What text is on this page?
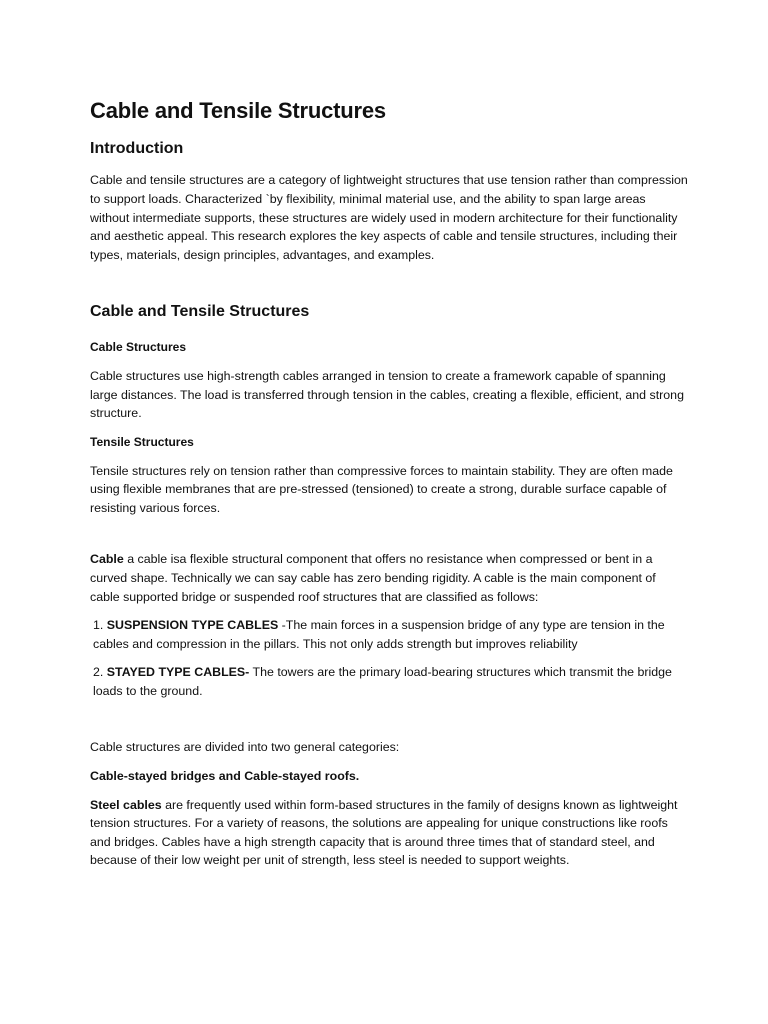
Cable and Tensile Structures
Introduction

Cable and tensile structures are a category of lightweight structures that use tension rather than compression to support loads. Characterized `by flexibility, minimal material use, and the ability to span large areas without intermediate supports, these structures are widely used in modern architecture for their functionality and aesthetic appeal. This research explores the key aspects of cable and tensile structures, including their types, materials, design principles, advantages, and examples.

Cable and Tensile Structures
Cable Structures

Cable structures use high-strength cables arranged in tension to create a framework capable of spanning large distances. The load is transferred through tension in the cables, creating a flexible, efficient, and strong structure.

Tensile Structures

Tensile structures rely on tension rather than compressive forces to maintain stability. They are often made using flexible membranes that are pre-stressed (tensioned) to create a strong, durable surface capable of resisting various forces.

Cable a cable isa flexible structural component that offers no resistance when compressed or bent in a curved shape. Technically we can say cable has zero bending rigidity. A cable is the main component of cable supported bridge or suspended roof structures that are classified as follows:

1. SUSPENSION TYPE CABLES -The main forces in a suspension bridge of any type are tension in the cables and compression in the pillars. This not only adds strength but improves reliability

2. STAYED TYPE CABLES- The towers are the primary load-bearing structures which transmit the bridge loads to the ground.

Cable structures are divided into two general categories:

Cable-stayed bridges and Cable-stayed roofs.

Steel cables are frequently used within form-based structures in the family of designs known as lightweight tension structures. For a variety of reasons, the solutions are appealing for unique constructions like roofs and bridges. Cables have a high strength capacity that is around three times that of standard steel, and because of their low weight per unit of strength, less steel is needed to support weights.
